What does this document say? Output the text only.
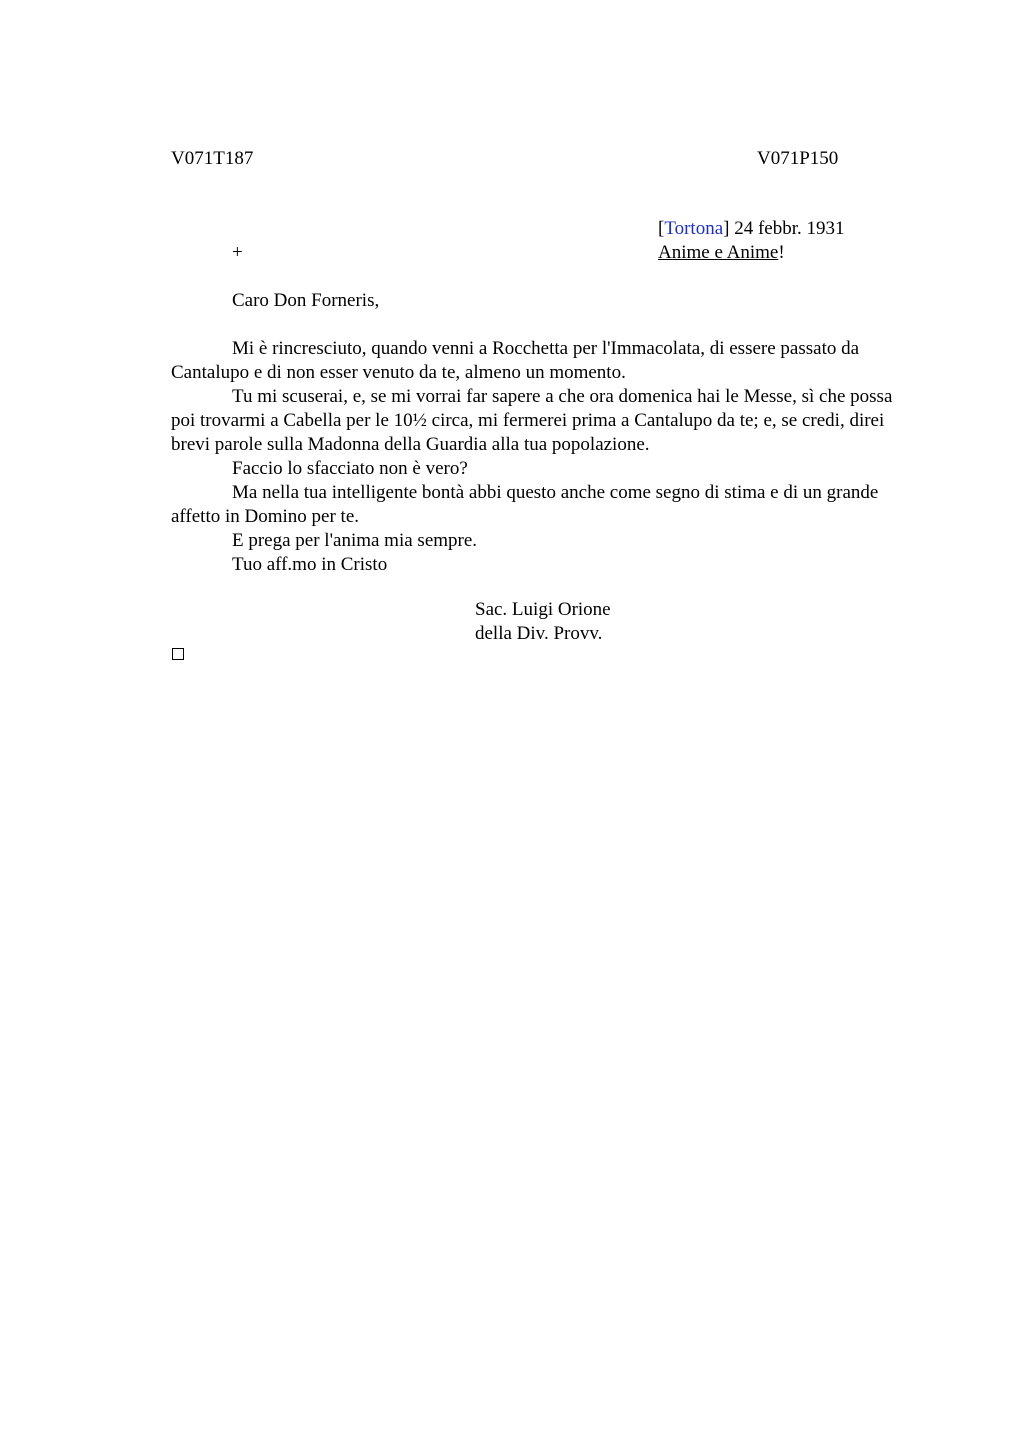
V071T187	V071P150
[Tortona] 24 febbr. 1931
+	Anime e Anime!
Caro Don Forneris,

Mi è rincresciuto, quando venni a Rocchetta per l'Immacolata, di essere passato da Cantalupo e di non esser venuto da te, almeno un momento.

Tu mi scuserai, e, se mi vorrai far sapere a che ora domenica hai le Messe, sì che possa poi trovarmi a Cabella per le 10½ circa, mi fermerei prima a Cantalupo da te; e, se credi, direi brevi parole sulla Madonna della Guardia alla tua popolazione.

Faccio lo sfacciato non è vero?

Ma nella tua intelligente bontà abbi questo anche come segno di stima e di un grande affetto in Domino per te.

E prega per l'anima mia sempre.

Tuo aff.mo in Cristo

Sac. Luigi Orione
della Div. Provv.
